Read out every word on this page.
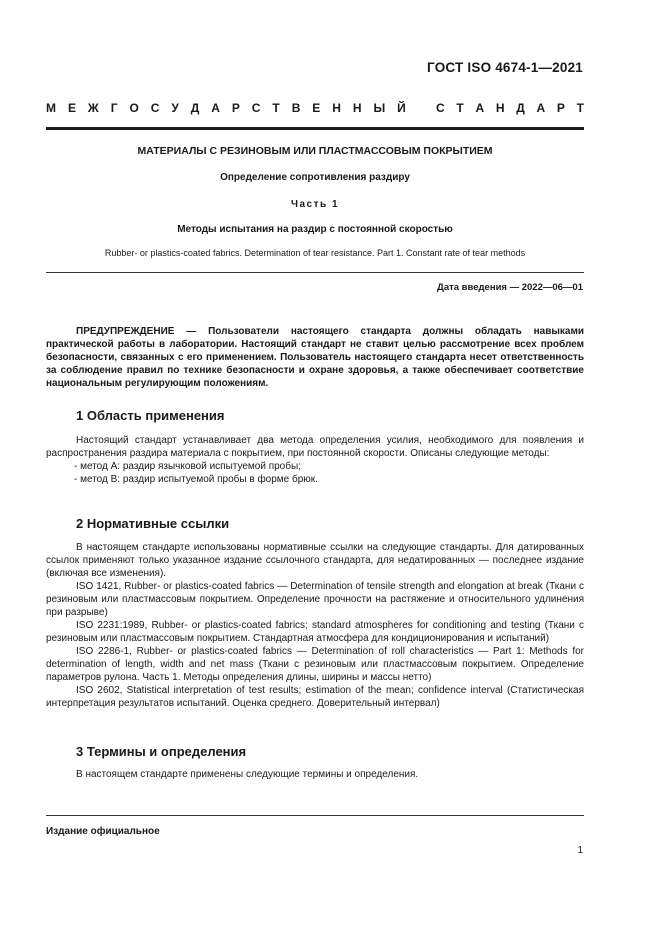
ГОСТ ISO 4674-1—2021
М Е Ж Г О С У Д А Р С Т В Е Н Н Ы Й	С Т А Н Д А Р Т
МАТЕРИАЛЫ С РЕЗИНОВЫМ ИЛИ ПЛАСТМАССОВЫМ ПОКРЫТИЕМ
Определение сопротивления раздиру
Часть 1
Методы испытания на раздир с постоянной скоростью
Rubber- or plastics-coated fabrics. Determination of tear resistance. Part 1. Constant rate of tear methods
Дата введения — 2022—06—01
ПРЕДУПРЕЖДЕНИЕ — Пользователи настоящего стандарта должны обладать навыками практической работы в лаборатории. Настоящий стандарт не ставит целью рассмотрение всех проблем безопасности, связанных с его применением. Пользователь настоящего стандарта несет ответственность за соблюдение правил по технике безопасности и охране здоровья, а также обеспечивает соответствие национальным регулирующим положениям.
1 Область применения

Настоящий стандарт устанавливает два метода определения усилия, необходимого для появления и распространения раздира материала с покрытием, при постоянной скорости. Описаны следующие методы:

- метод А: раздир язычковой испытуемой пробы;

- метод В: раздир испытуемой пробы в форме брюк.

2 Нормативные ссылки

В настоящем стандарте использованы нормативные ссылки на следующие стандарты. Для датированных ссылок применяют только указанное издание ссылочного стандарта, для недатированных — последнее издание (включая все изменения).

ISO 1421, Rubber- or plastics-coated fabrics — Determination of tensile strength and elongation at break (Ткани с резиновым или пластмассовым покрытием. Определение прочности на растяжение и относительного удлинения при разрыве)

ISO 2231:1989, Rubber- or plastics-coated fabrics; standard atmospheres for conditioning and testing (Ткани с резиновым или пластмассовым покрытием. Стандартная атмосфера для кондиционирования и испытаний)

ISO 2286-1, Rubber- or plastics-coated fabrics — Determination of roll characteristics — Part 1: Methods for determination of length, width and net mass (Ткани с резиновым или пластмассовым покрытием. Определение параметров рулона. Часть 1. Методы определения длины, ширины и массы нетто)

ISO 2602, Statistical interpretation of test results; estimation of the mean; confidence interval (Статистическая интерпретация результатов испытаний. Оценка среднего. Доверительный интервал)

3 Термины и определения

В настоящем стандарте применены следующие термины и определения.

Издание официальное
1
